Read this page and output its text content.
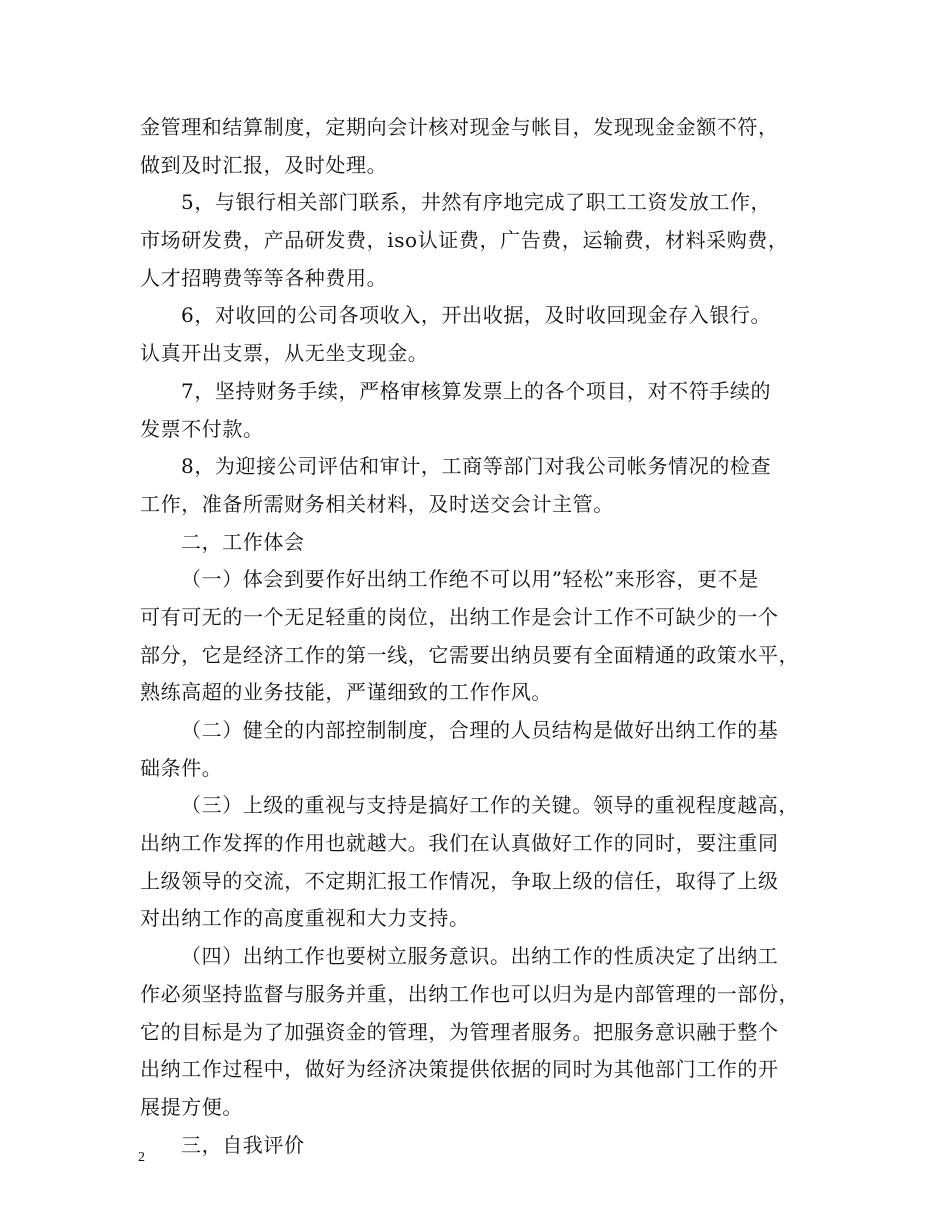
金管理和结算制度，定期向会计核对现金与帐目，发现现金金额不符，
做到及时汇报，及时处理。
5，与银行相关部门联系，井然有序地完成了职工工资发放工作，
市场研发费，产品研发费，iso认证费，广告费，运输费，材料采购费，
人才招聘费等等各种费用。
6，对收回的公司各项收入，开出收据，及时收回现金存入银行。
认真开出支票，从无坐支现金。
7，坚持财务手续，严格审核算发票上的各个项目，对不符手续的
发票不付款。
8，为迎接公司评估和审计，工商等部门对我公司帐务情况的检查
工作，准备所需财务相关材料，及时送交会计主管。
二，工作体会
（一）体会到要作好出纳工作绝不可以用”轻松”来形容，更不是
可有可无的一个无足轻重的岗位，出纳工作是会计工作不可缺少的一个
部分，它是经济工作的第一线，它需要出纳员要有全面精通的政策水平，
熟练高超的业务技能，严谨细致的工作作风。
（二）健全的内部控制制度，合理的人员结构是做好出纳工作的基
础条件。
（三）上级的重视与支持是搞好工作的关键。领导的重视程度越高，
出纳工作发挥的作用也就越大。我们在认真做好工作的同时，要注重同
上级领导的交流，不定期汇报工作情况，争取上级的信任，取得了上级
对出纳工作的高度重视和大力支持。
（四）出纳工作也要树立服务意识。出纳工作的性质决定了出纳工
作必须坚持监督与服务并重，出纳工作也可以归为是内部管理的一部份，
它的目标是为了加强资金的管理，为管理者服务。把服务意识融于整个
出纳工作过程中，做好为经济决策提供依据的同时为其他部门工作的开
展提方便。
三，自我评价
2
